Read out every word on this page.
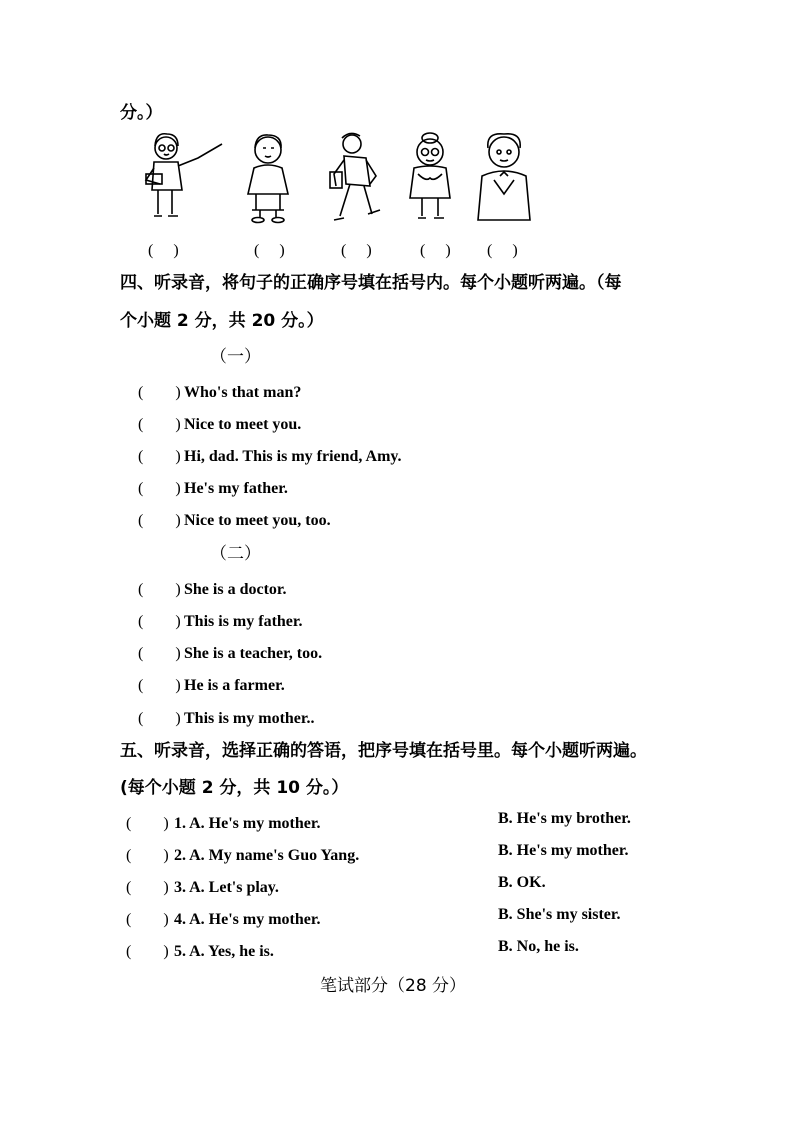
分。）
(　 )	(　 )	(　 )	(　 ) (　 )
四、听录音，将句子的正确序号填在括号内。每个小题听两遍。（每
个小题 2 分，共 20 分。）
（一）
(　　) Who's that man?
(　　) Nice to meet you.
(　　) Hi, dad. This is my friend, Amy.
(　　) He's my father.
(　　) Nice to meet you, too.
（二）
(　　) She is a doctor.
(　　) This is my father.
(　　) She is a teacher, too.
(　　) He is a farmer.
(　　) This is my mother..
五、听录音，选择正确的答语，把序号填在括号里。每个小题听两遍。
(每个小题 2 分，共 10 分。）
(　　) 1. A. He's my mother.	B. He's my brother.
(　　) 2. A. My name's Guo Yang.	B. He's my mother.
(　　) 3. A. Let's play.	B. OK.
(　　) 4. A. He's my mother.	B. She's my sister.
(　　) 5. A. Yes, he is.	B. No, he is.
笔试部分（28 分）
